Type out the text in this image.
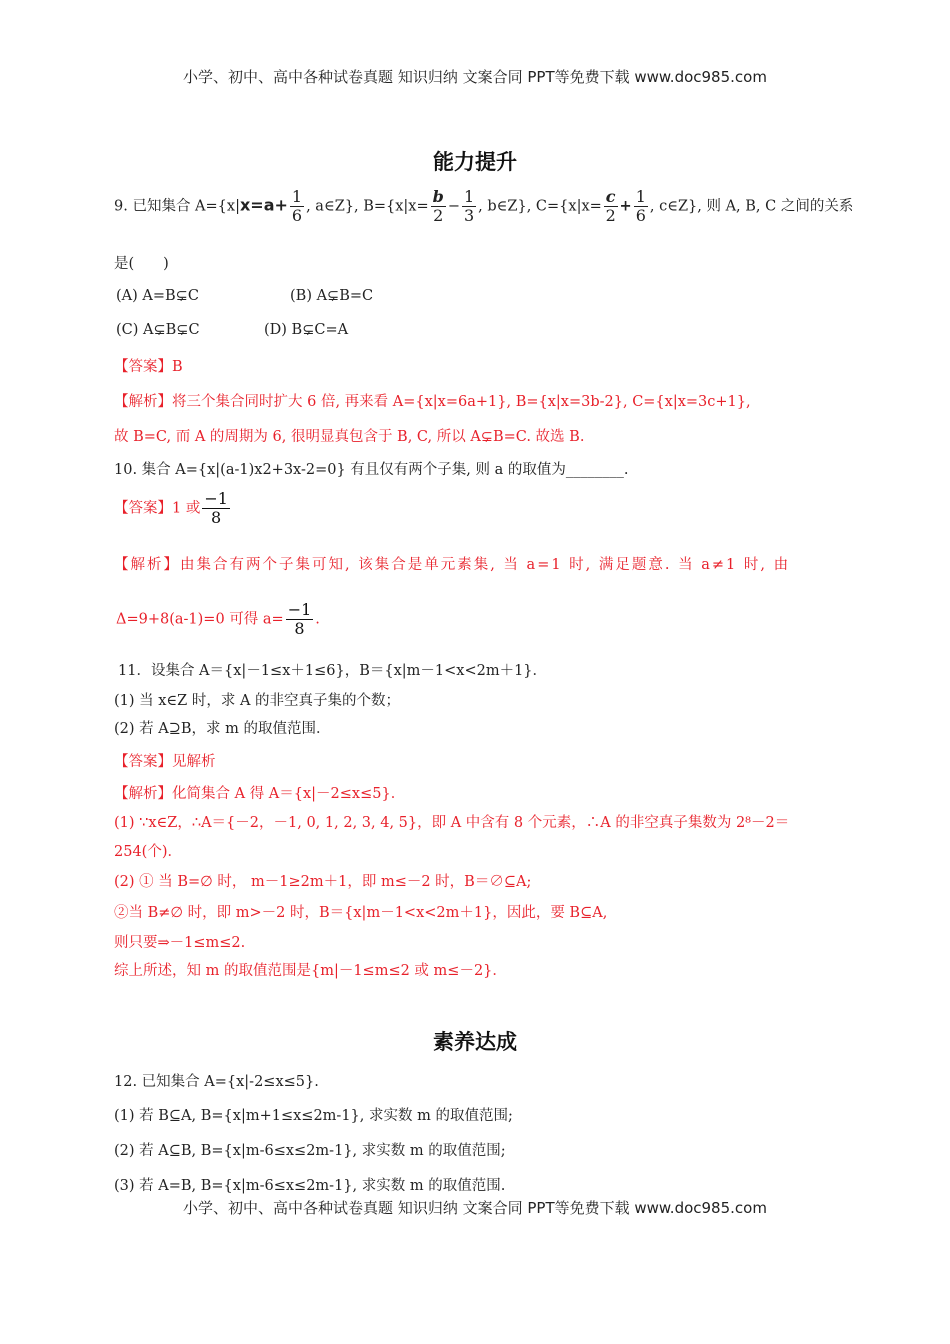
小学、初中、高中各种试卷真题 知识归纳 文案合同 PPT等免费下载 www.doc985.com
能力提升
9. 已知集合 $A=\{x|x=a+ \frac{1}{6}$ , a∈Z}, $B=\{x|x= \frac{b}{2} - \frac{1}{3}$ , b∈Z}, $C=\{x|x= \frac{c}{2} + \frac{1}{6}$ , c∈Z}, 则 A, B, C 之间的关系
是(　　)
(A) A=B⊊C	(B) A⊊B=C
(C) A⊊B⊊C	(D) B⊊C=A
【答案】B
【解析】将三个集合同时扩大 6 倍, 再来看 A={x|x=6a+1}, B={x|x=3b-2}, C={x|x=3c+1},
故 B=C, 而 A 的周期为 6, 很明显真包含于 B, C, 所以 A⊊B=C. 故选 B.
10. 集合 A={x|(a-1)x2+3x-2=0} 有且仅有两个子集, 则 a 的取值为________.
【答案】1 或 $\frac{-1}{8}$
【解析】由集合有两个子集可知, 该集合是单元素集, 当 a=1 时, 满足题意. 当 a≠1 时, 由
Δ=9+8(a-1)=0 可得 $a= \frac{-1}{8}$ .
11．设集合 A＝{x|－1≤x＋1≤6}，B＝{x|m－1<x<2m＋1}．
(1) 当 x∈Z 时，求 A 的非空真子集的个数；
(2) 若 A⊇B，求 m 的取值范围．
【答案】见解析
【解析】化简集合 A 得 A＝{x|－2≤x≤5}．
(1) ∵x∈Z，∴A＝{－2，－1, 0, 1, 2, 3, 4, 5}，即 A 中含有 8 个元素，∴A 的非空真子集数为 2⁸－2＝
254(个)．
(2) ① 当 B=∅ 时， m－1≥2m＋1，即 m≤－2 时，B＝∅⊆A;
②当 B≠∅ 时，即 m>－2 时，B＝{x|m－1<x<2m＋1}，因此，要 B⊆A,
则只要⇒－1≤m≤2.
综上所述，知 m 的取值范围是{m|－1≤m≤2 或 m≤－2}．
素养达成
12. 已知集合 A={x|-2≤x≤5}.
(1) 若 B⊆A, B={x|m+1≤x≤2m-1}, 求实数 m 的取值范围;
(2) 若 A⊆B, B={x|m-6≤x≤2m-1}, 求实数 m 的取值范围;
(3) 若 A=B, B={x|m-6≤x≤2m-1}, 求实数 m 的取值范围.
小学、初中、高中各种试卷真题 知识归纳 文案合同 PPT等免费下载 www.doc985.com
